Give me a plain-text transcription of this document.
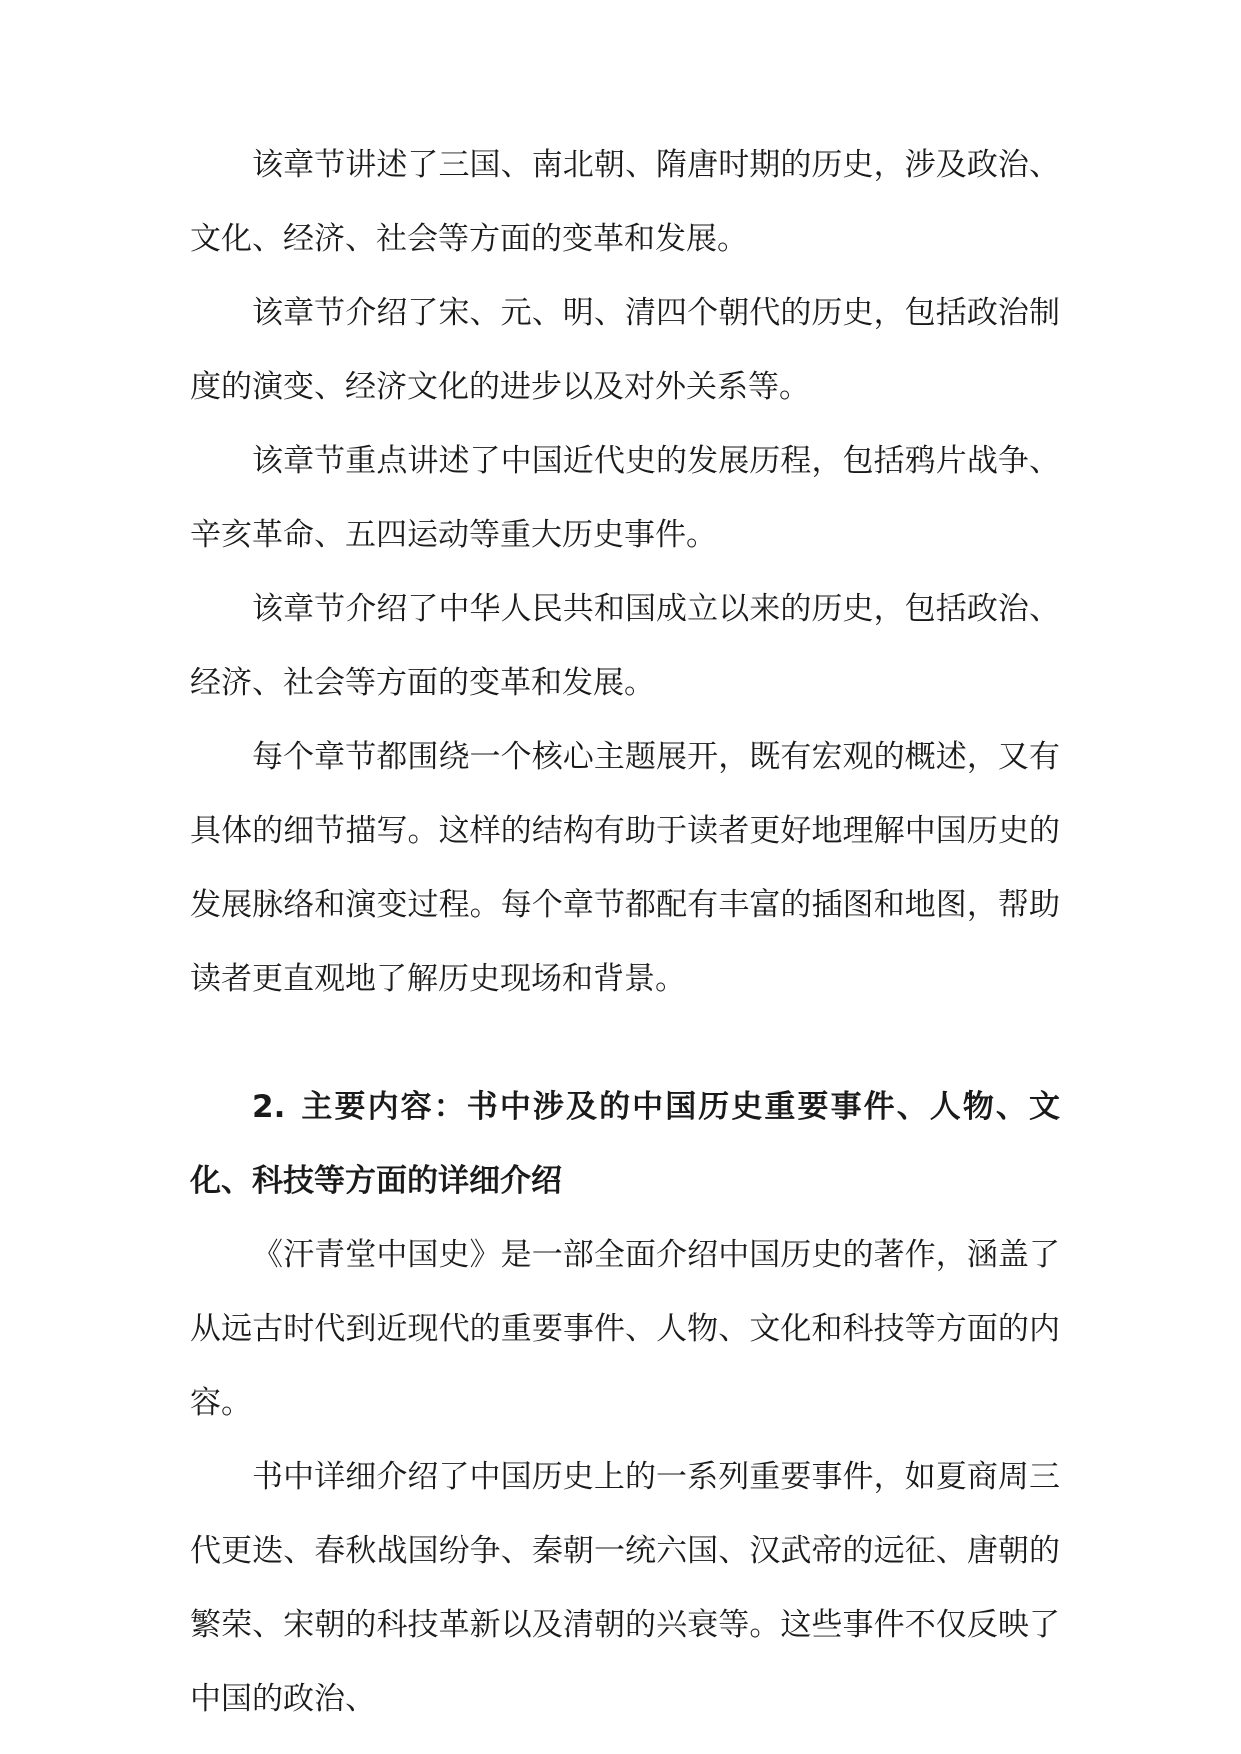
该章节讲述了三国、南北朝、隋唐时期的历史，涉及政治、文化、经济、社会等方面的变革和发展。

该章节介绍了宋、元、明、清四个朝代的历史，包括政治制度的演变、经济文化的进步以及对外关系等。

该章节重点讲述了中国近代史的发展历程，包括鸦片战争、辛亥革命、五四运动等重大历史事件。

该章节介绍了中华人民共和国成立以来的历史，包括政治、经济、社会等方面的变革和发展。

每个章节都围绕一个核心主题展开，既有宏观的概述，又有具体的细节描写。这样的结构有助于读者更好地理解中国历史的发展脉络和演变过程。每个章节都配有丰富的插图和地图，帮助读者更直观地了解历史现场和背景。

2. 主要内容：书中涉及的中国历史重要事件、人物、文化、科技等方面的详细介绍

《汗青堂中国史》是一部全面介绍中国历史的著作，涵盖了从远古时代到近现代的重要事件、人物、文化和科技等方面的内容。

书中详细介绍了中国历史上的一系列重要事件，如夏商周三代更迭、春秋战国纷争、秦朝一统六国、汉武帝的远征、唐朝的繁荣、宋朝的科技革新以及清朝的兴衰等。这些事件不仅反映了中国的政治、
